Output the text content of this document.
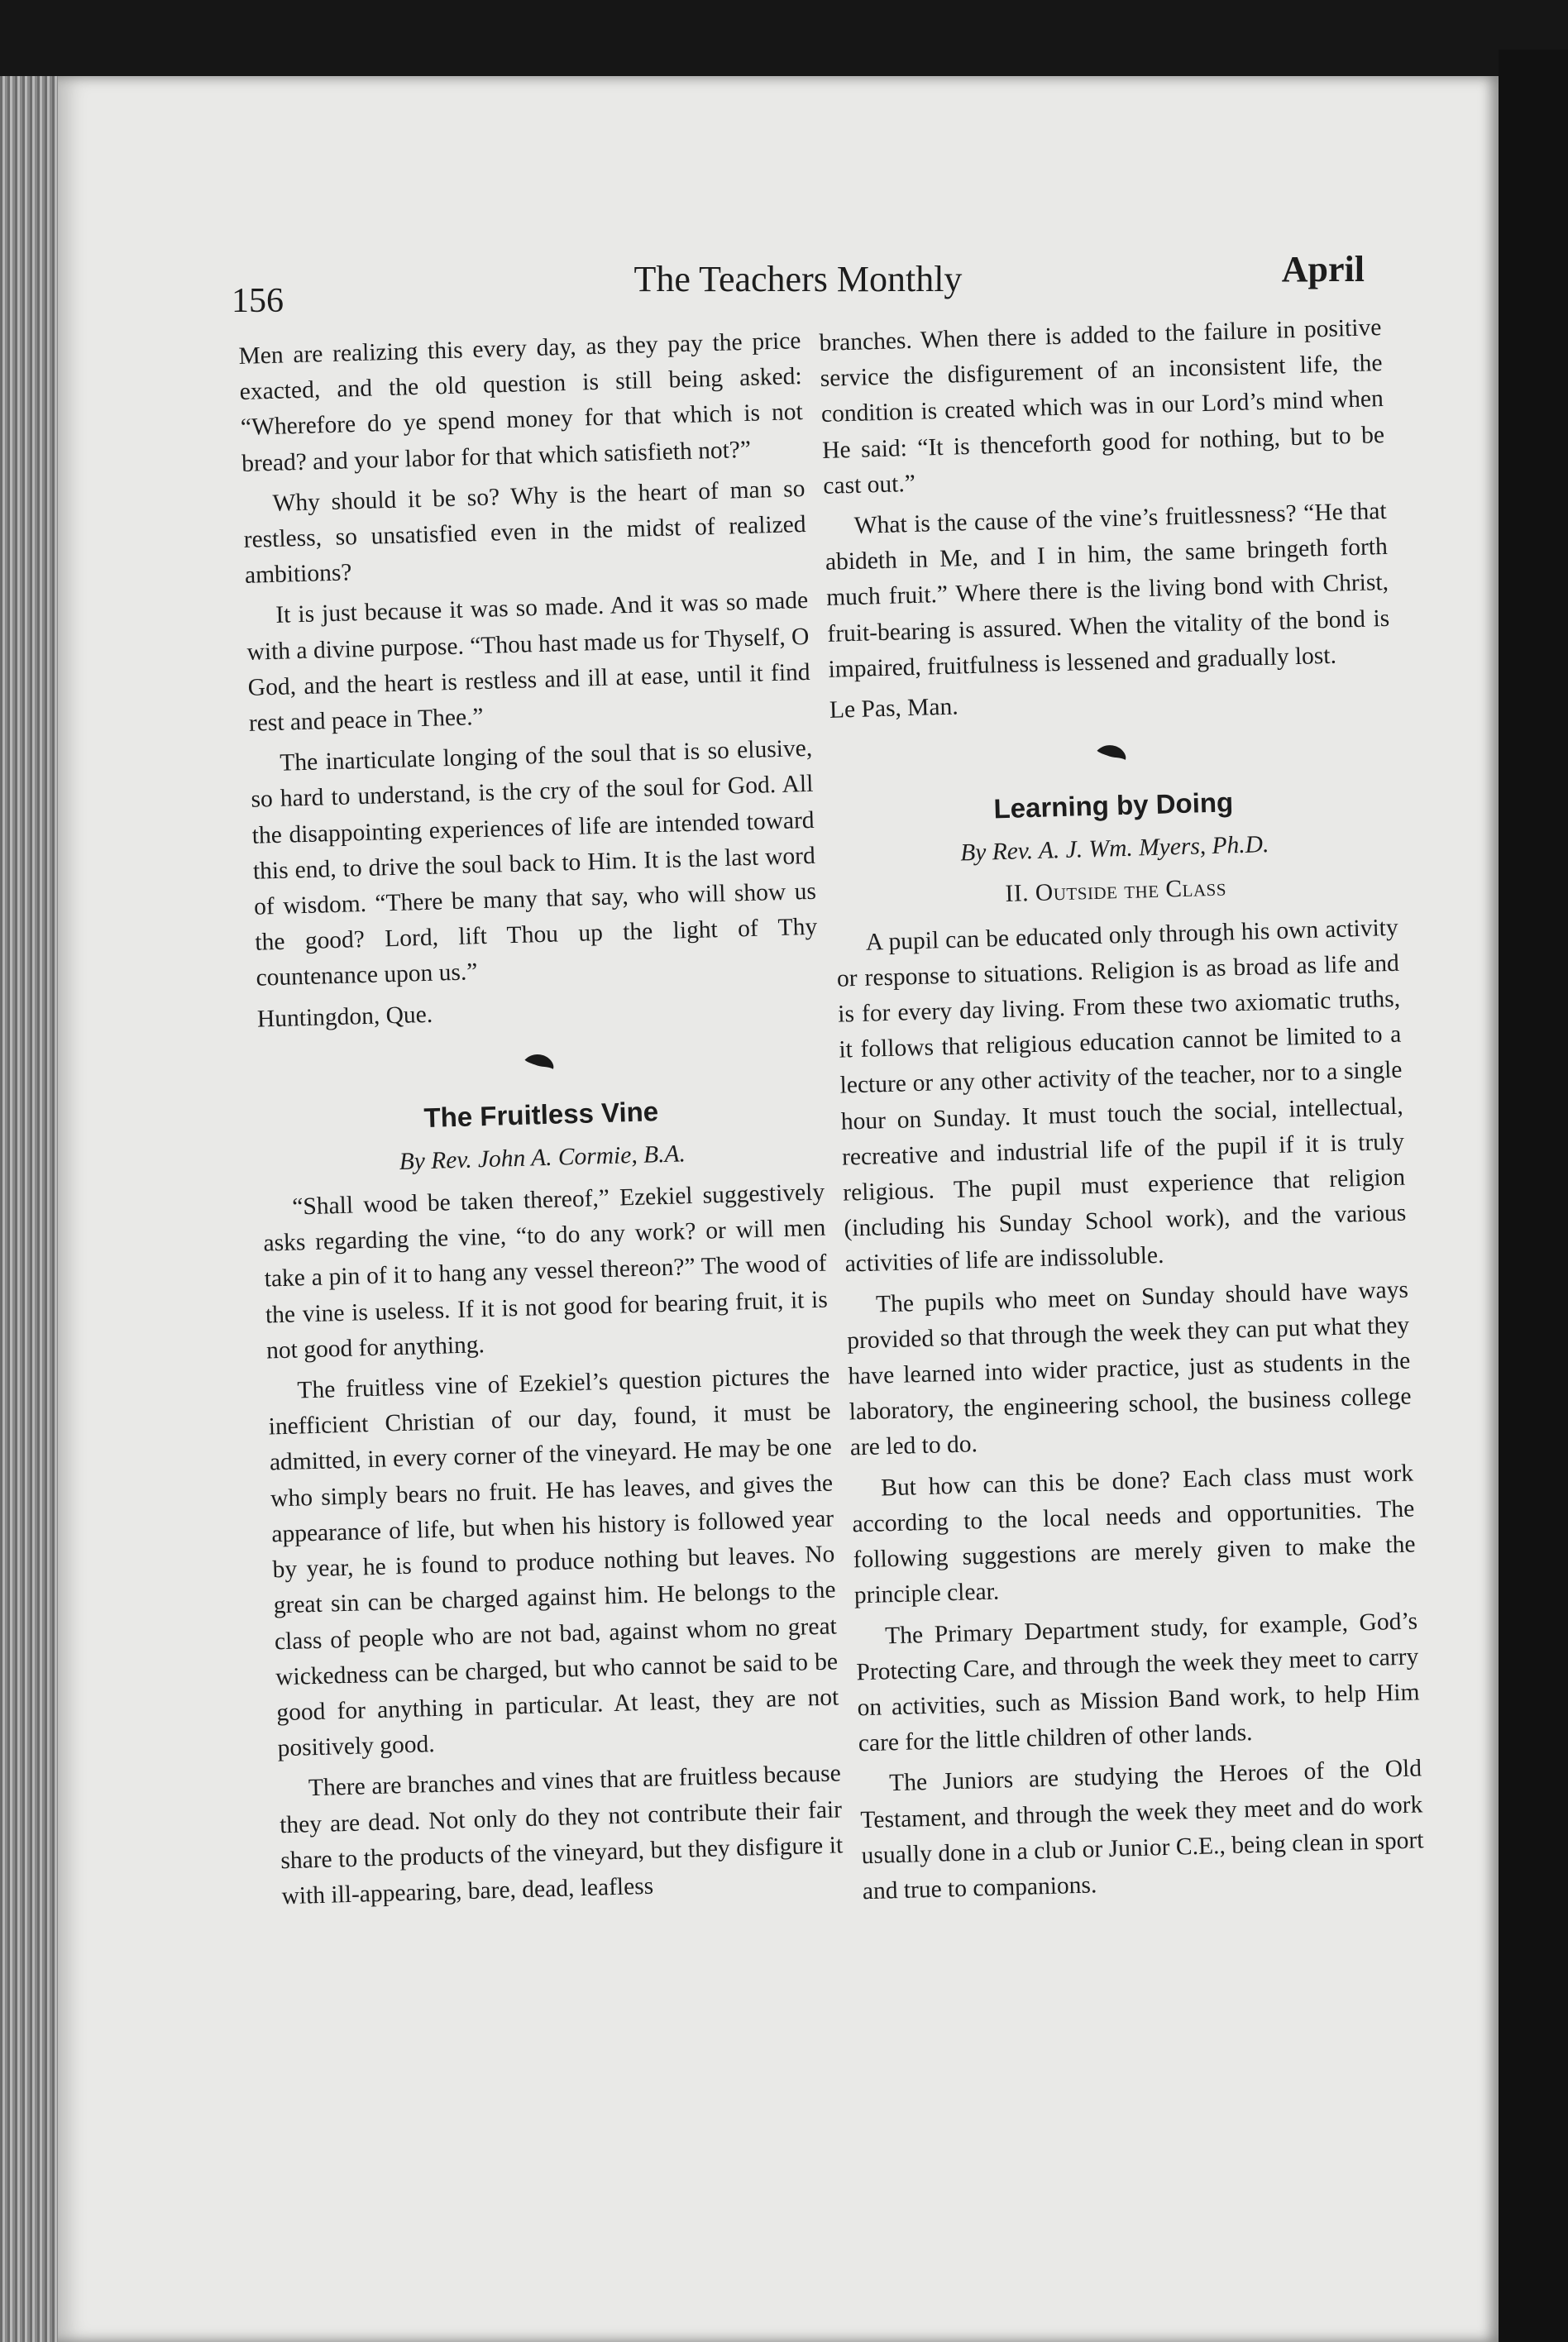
156
The Teachers Monthly	April

Men are realizing this every day, as they pay the price exacted, and the old question is still being asked: “Wherefore do ye spend money for that which is not bread? and your labor for that which satisfieth not?”

Why should it be so? Why is the heart of man so restless, so unsatisfied even in the midst of realized ambitions?

It is just because it was so made. And it was so made with a divine purpose. “Thou hast made us for Thyself, O God, and the heart is restless and ill at ease, until it find rest and peace in Thee.”

The inarticulate longing of the soul that is so elusive, so hard to understand, is the cry of the soul for God. All the disappointing experiences of life are intended toward this end, to drive the soul back to Him. It is the last word of wisdom. “There be many that say, who will show us the good? Lord, lift Thou up the light of Thy countenance upon us.”

Huntingdon, Que.

The Fruitless Vine
By Rev. John A. Cormie, B.A.

“Shall wood be taken thereof,” Ezekiel suggestively asks regarding the vine, “to do any work? or will men take a pin of it to hang any vessel thereon?” The wood of the vine is useless. If it is not good for bearing fruit, it is not good for anything.

The fruitless vine of Ezekiel’s question pictures the inefficient Christian of our day, found, it must be admitted, in every corner of the vineyard. He may be one who simply bears no fruit. He has leaves, and gives the appearance of life, but when his history is followed year by year, he is found to produce nothing but leaves. No great sin can be charged against him. He belongs to the class of people who are not bad, against whom no great wickedness can be charged, but who cannot be said to be good for anything in particular. At least, they are not positively good.

There are branches and vines that are fruitless because they are dead. Not only do they not contribute their fair share to the products of the vineyard, but they disfigure it with ill-appearing, bare, dead, leafless

branches. When there is added to the failure in positive service the disfigurement of an inconsistent life, the condition is created which was in our Lord’s mind when He said: “It is thenceforth good for nothing, but to be cast out.”

What is the cause of the vine’s fruitlessness? “He that abideth in Me, and I in him, the same bringeth forth much fruit.” Where there is the living bond with Christ, fruit-bearing is assured. When the vitality of the bond is impaired, fruitfulness is lessened and gradually lost.

Le Pas, Man.

Learning by Doing
By Rev. A. J. Wm. Myers, Ph.D.
II. Outside the Class

A pupil can be educated only through his own activity or response to situations. Religion is as broad as life and is for every day living. From these two axiomatic truths, it follows that religious education cannot be limited to a lecture or any other activity of the teacher, nor to a single hour on Sunday. It must touch the social, intellectual, recreative and industrial life of the pupil if it is truly religious. The pupil must experience that religion (including his Sunday School work), and the various activities of life are indissoluble.

The pupils who meet on Sunday should have ways provided so that through the week they can put what they have learned into wider practice, just as students in the laboratory, the engineering school, the business college are led to do.

But how can this be done? Each class must work according to the local needs and opportunities. The following suggestions are merely given to make the principle clear.

The Primary Department study, for example, God’s Protecting Care, and through the week they meet to carry on activities, such as Mission Band work, to help Him care for the little children of other lands.

The Juniors are studying the Heroes of the Old Testament, and through the week they meet and do work usually done in a club or Junior C.E., being clean in sport and true to companions.
